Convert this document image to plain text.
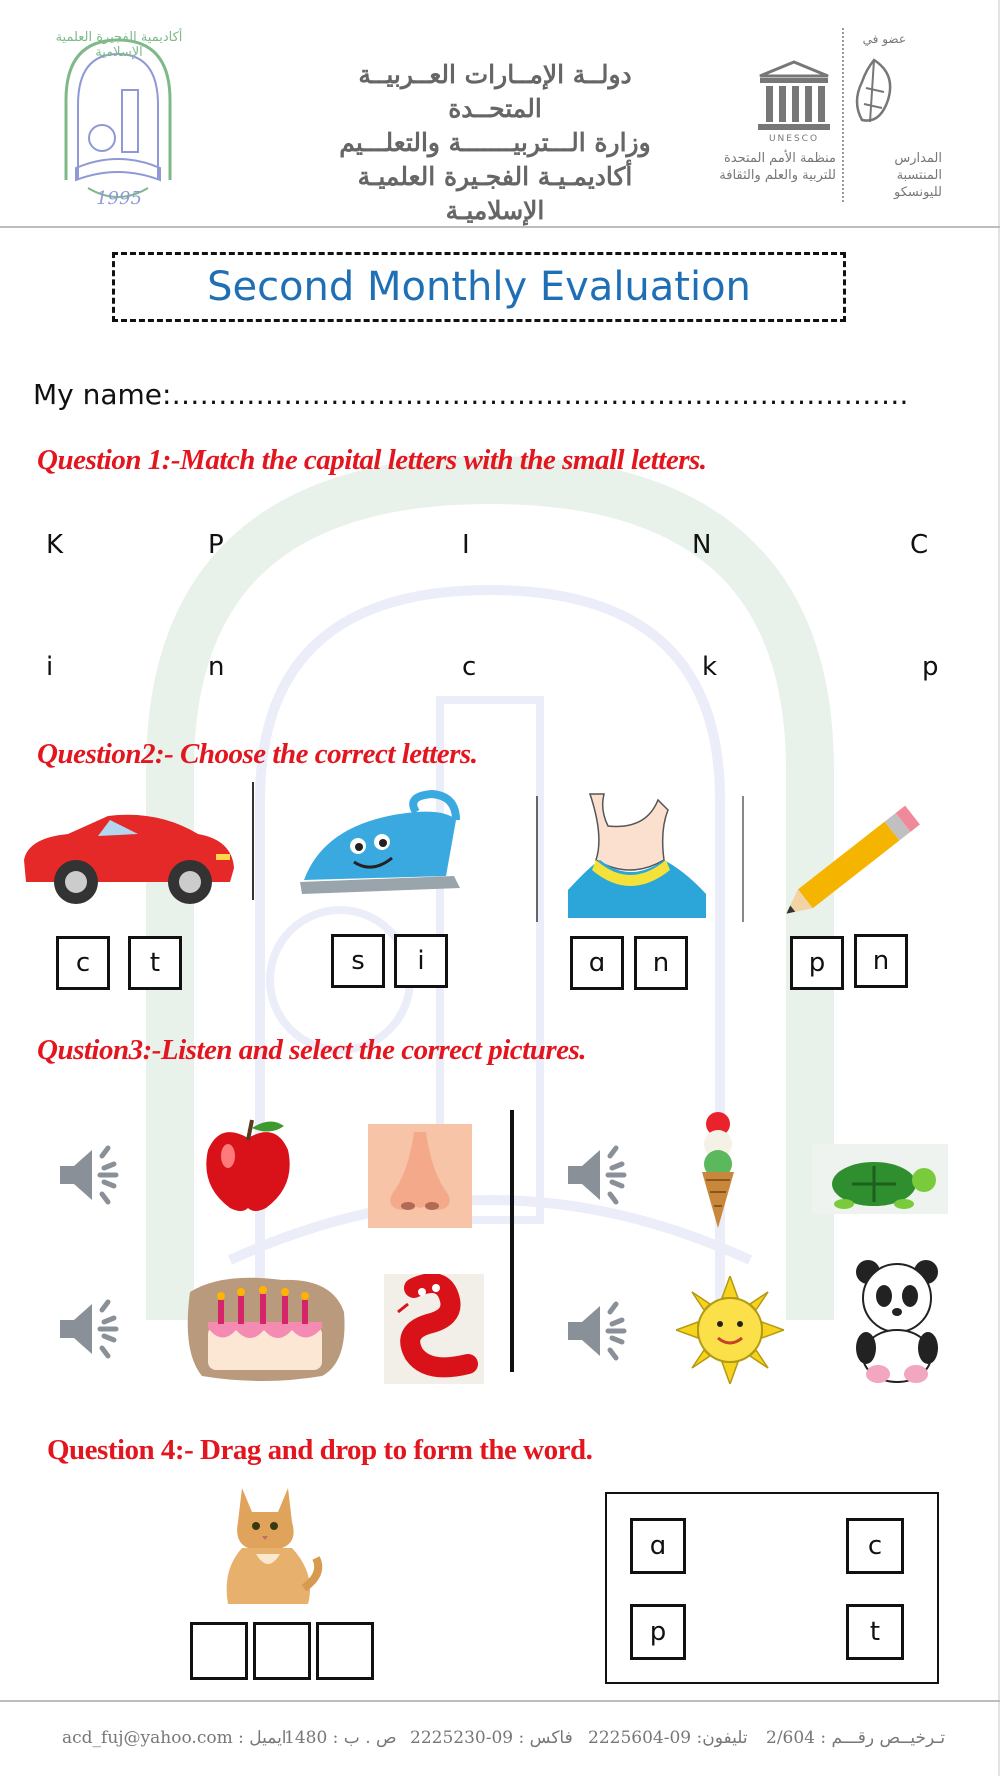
1995
أكاديمية الفجيرة العلمية الإسلامية
دولــة الإمــارات العــربيــة المتحــدة
وزارة الـــتربيـــــــة والتعلـــيم
أكاديمـيـة الفجـيرة العلميـة الإسلاميـة
UNESCO
عضو في
المدارس المنتسبة
لليونسكو
منظمة الأمم المتحدة
للتربية والعلم والثقافة
Second Monthly Evaluation
My name:…………………………………………………………………….
Question 1:-Match the capital letters with the small letters.
K	P	I	N	C
i	n	c	k	p
Question2:- Choose the correct letters.
c	t	s	i	ɑ	n	p	n
Qustion3:-Listen and select the correct pictures.
Question 4:- Drag and drop to form the word.
ɑ	c
p	t
acd_fuj@yahoo.com : ايميل
ص . ب : 1480 فاكس : 09-2225230 تليفون: 09-2225604 تـرخيــص رقـــم : 2/604
